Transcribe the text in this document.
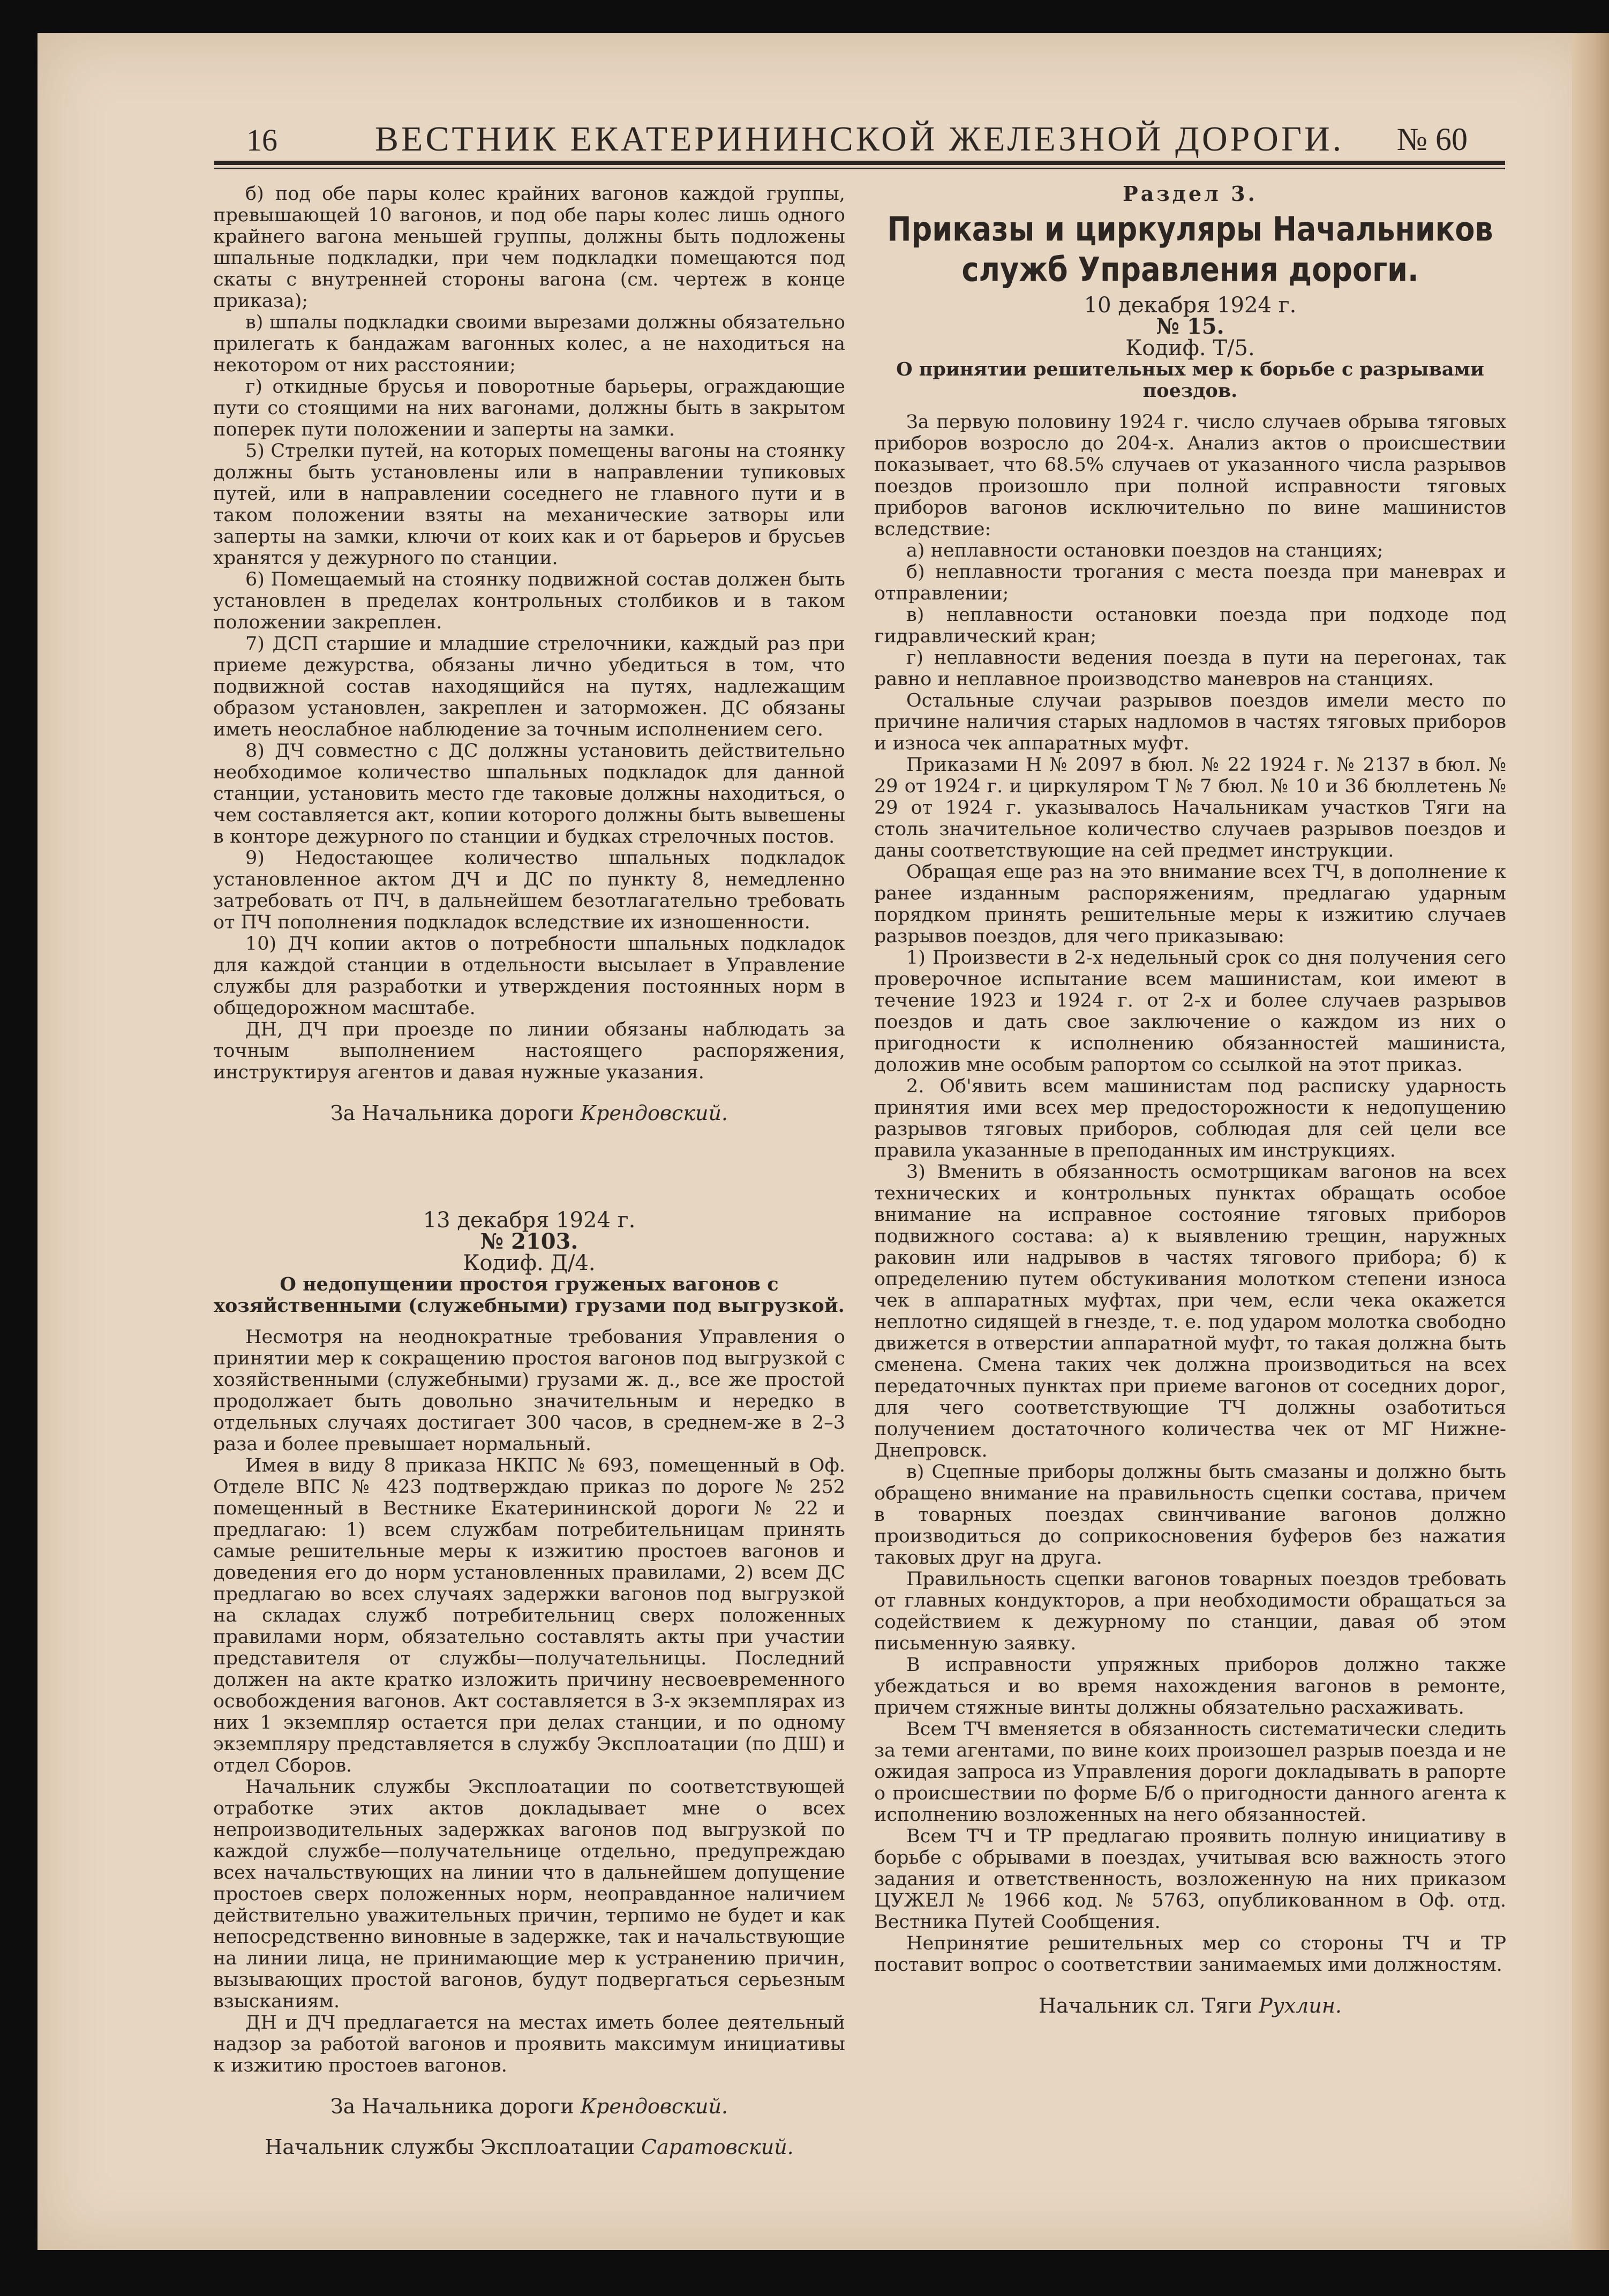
16	ВЕСТНИК ЕКАТЕРИНИНСКОЙ ЖЕЛЕЗНОЙ ДОРОГИ. № 60

б) под обе пары колес крайних вагонов каждой группы, превышающей 10 вагонов, и под обе пары колес лишь одного крайнего вагона меньшей группы, должны быть подложены шпальные подкладки, при чем подкладки помещаются под скаты с внутренней стороны вагона (см. чертеж в конце приказа);

в) шпалы подкладки своими вырезами должны обязательно прилегать к бандажам вагонных колес, а не находиться на некотором от них расстоянии;

г) откидные брусья и поворотные барьеры, ограждающие пути со стоящими на них вагонами, должны быть в закрытом поперек пути положении и заперты на замки.

5) Стрелки путей, на которых помещены вагоны на стоянку должны быть установлены или в направлении тупиковых путей, или в направлении соседнего не главного пути и в таком положении взяты на механические затворы или заперты на замки, ключи от коих как и от барьеров и брусьев хранятся у дежурного по станции.

6) Помещаемый на стоянку подвижной состав должен быть установлен в пределах контрольных столбиков и в таком положении закреплен.

7) ДСП старшие и младшие стрелочники, каждый раз при приеме дежурства, обязаны лично убедиться в том, что подвижной состав находящийся на путях, надлежащим образом установлен, закреплен и заторможен. ДС обязаны иметь неослабное наблюдение за точным исполнением сего.

8) ДЧ совместно с ДС должны установить действительно необходимое количество шпальных подкладок для данной станции, установить место где таковые должны находиться, о чем составляется акт, копии которого должны быть вывешены в конторе дежурного по станции и будках стрелочных постов.

9) Недостающее количество шпальных подкладок установленное актом ДЧ и ДС по пункту 8, немедленно затребовать от ПЧ, в дальнейшем безотлагательно требовать от ПЧ пополнения подкладок вследствие их изношенности.

10) ДЧ копии актов о потребности шпальных подкладок для каждой станции в отдельности высылает в Управление службы для разработки и утверждения постоянных норм в общедорожном масштабе.

ДН, ДЧ при проезде по линии обязаны наблюдать за точным выполнением настоящего распоряжения, инструктируя агентов и давая нужные указания.

За Начальника дороги Крендовский.

13 декабря 1924 г.

№ 2103.

Кодиф. Д/4.

О недопущении простоя груженых вагонов с хозяйственными (служебными) грузами под выгрузкой.

Несмотря на неоднократные требования Управления о принятии мер к сокращению простоя вагонов под выгрузкой с хозяйственными (служебными) грузами ж. д., все же простой продолжает быть довольно значительным и нередко в отдельных случаях достигает 300 часов, в среднем-же в 2–3 раза и более превышает нормальный.

Имея в виду 8 приказа НКПС № 693, помещенный в Оф. Отделе ВПС № 423 подтверждаю приказ по дороге № 252 помещенный в Вестнике Екатерининской дороги № 22 и предлагаю: 1) всем службам потребительницам принять самые решительные меры к изжитию простоев вагонов и доведения его до норм установленных правилами, 2) всем ДС предлагаю во всех случаях задержки вагонов под выгрузкой на складах служб потребительниц сверх положенных правилами норм, обязательно составлять акты при участии представителя от службы—получательницы. Последний должен на акте кратко изложить причину несвоевременного освобождения вагонов. Акт составляется в 3-х экземплярах из них 1 экземпляр остается при делах станции, и по одному экземпляру представляется в службу Эксплоатации (по ДШ) и отдел Сборов.

Начальник службы Эксплоатации по соответствующей отработке этих актов докладывает мне о всех непроизводительных задержках вагонов под выгрузкой по каждой службе—получательнице отдельно, предупреждаю всех начальствующих на линии что в дальнейшем допущение простоев сверх положенных норм, неоправданное наличием действительно уважительных причин, терпимо не будет и как непосредственно виновные в задержке, так и начальствующие на линии лица, не принимающие мер к устранению причин, вызывающих простой вагонов, будут подвергаться серьезным взысканиям.

ДН и ДЧ предлагается на местах иметь более деятельный надзор за работой вагонов и проявить максимум инициативы к изжитию простоев вагонов.

За Начальника дороги Крендовский.

Начальник службы Эксплоатации Саратовский.

Раздел 3.

Приказы и циркуляры Начальников служб Управления дороги.

10 декабря 1924 г.

№ 15.

Кодиф. Т/5.

О принятии решительных мер к борьбе с разрывами поездов.

За первую половину 1924 г. число случаев обрыва тяговых приборов возросло до 204-х. Анализ актов о происшествии показывает, что 68.5% случаев от указанного числа разрывов поездов произошло при полной исправности тяговых приборов вагонов исключительно по вине машинистов вследствие:

а) неплавности остановки поездов на станциях;

б) неплавности трогания с места поезда при маневрах и отправлении;

в) неплавности остановки поезда при подходе под гидравлический кран;

г) неплавности ведения поезда в пути на перегонах, так равно и неплавное производство маневров на станциях.

Остальные случаи разрывов поездов имели место по причине наличия старых надломов в частях тяговых приборов и износа чек аппаратных муфт.

Приказами Н № 2097 в бюл. № 22 1924 г. № 2137 в бюл. № 29 от 1924 г. и циркуляром Т № 7 бюл. № 10 и 36 бюллетень № 29 от 1924 г. указывалось Начальникам участков Тяги на столь значительное количество случаев разрывов поездов и даны соответствующие на сей предмет инструкции.

Обращая еще раз на это внимание всех ТЧ, в дополнение к ранее изданным распоряжениям, предлагаю ударным порядком принять решительные меры к изжитию случаев разрывов поездов, для чего приказываю:

1) Произвести в 2-х недельный срок со дня получения сего проверочное испытание всем машинистам, кои имеют в течение 1923 и 1924 г. от 2-х и более случаев разрывов поездов и дать свое заключение о каждом из них о пригодности к исполнению обязанностей машиниста, доложив мне особым рапортом со ссылкой на этот приказ.

2. Об'явить всем машинистам под расписку ударность принятия ими всех мер предосторожности к недопущению разрывов тяговых приборов, соблюдая для сей цели все правила указанные в преподанных им инструкциях.

3) Вменить в обязанность осмотрщикам вагонов на всех технических и контрольных пунктах обращать особое внимание на исправное состояние тяговых приборов подвижного состава: а) к выявлению трещин, наружных раковин или надрывов в частях тягового прибора; б) к определению путем обстукивания молотком степени износа чек в аппаратных муфтах, при чем, если чека окажется неплотно сидящей в гнезде, т. е. под ударом молотка свободно движется в отверстии аппаратной муфт, то такая должна быть сменена. Смена таких чек должна производиться на всех передаточных пунктах при приеме вагонов от соседних дорог, для чего соответствующие ТЧ должны озаботиться получением достаточного количества чек от МГ Нижне-Днепровск.

в) Сцепные приборы должны быть смазаны и должно быть обращено внимание на правильность сцепки состава, причем в товарных поездах свинчивание вагонов должно производиться до соприкосновения буферов без нажатия таковых друг на друга.

Правильность сцепки вагонов товарных поездов требовать от главных кондукторов, а при необходимости обращаться за содействием к дежурному по станции, давая об этом письменную заявку.

В исправности упряжных приборов должно также убеждаться и во время нахождения вагонов в ремонте, причем стяжные винты должны обязательно расхаживать.

Всем ТЧ вменяется в обязанность систематически следить за теми агентами, по вине коих произошел разрыв поезда и не ожидая запроса из Управления дороги докладывать в рапорте о происшествии по форме Б/б о пригодности данного агента к исполнению возложенных на него обязанностей.

Всем ТЧ и ТР предлагаю проявить полную инициативу в борьбе с обрывами в поездах, учитывая всю важность этого задания и ответственность, возложенную на них приказом ЦУЖЕЛ № 1966 код. № 5763, опубликованном в Оф. отд. Вестника Путей Сообщения.

Непринятие решительных мер со стороны ТЧ и ТР поставит вопрос о соответствии занимаемых ими должностям.

Начальник сл. Тяги Рухлин.
